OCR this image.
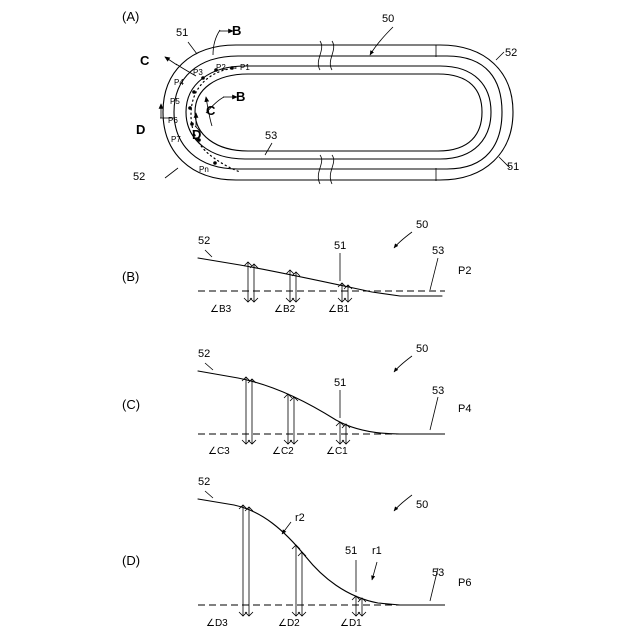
(A)	50
51
52
51
52
53
B
B
C
C
D	D
P1
P2
P3
P4
P5
P6
P7
Pn
(B)
52	51
50
53
P2
∠B3	∠B2	∠B1
(C)
52
51
50
53
P4
∠C3	∠C2	∠C1
(D)
52
51
50
53
P6
r2
r1
∠D3	∠D2	∠D1
